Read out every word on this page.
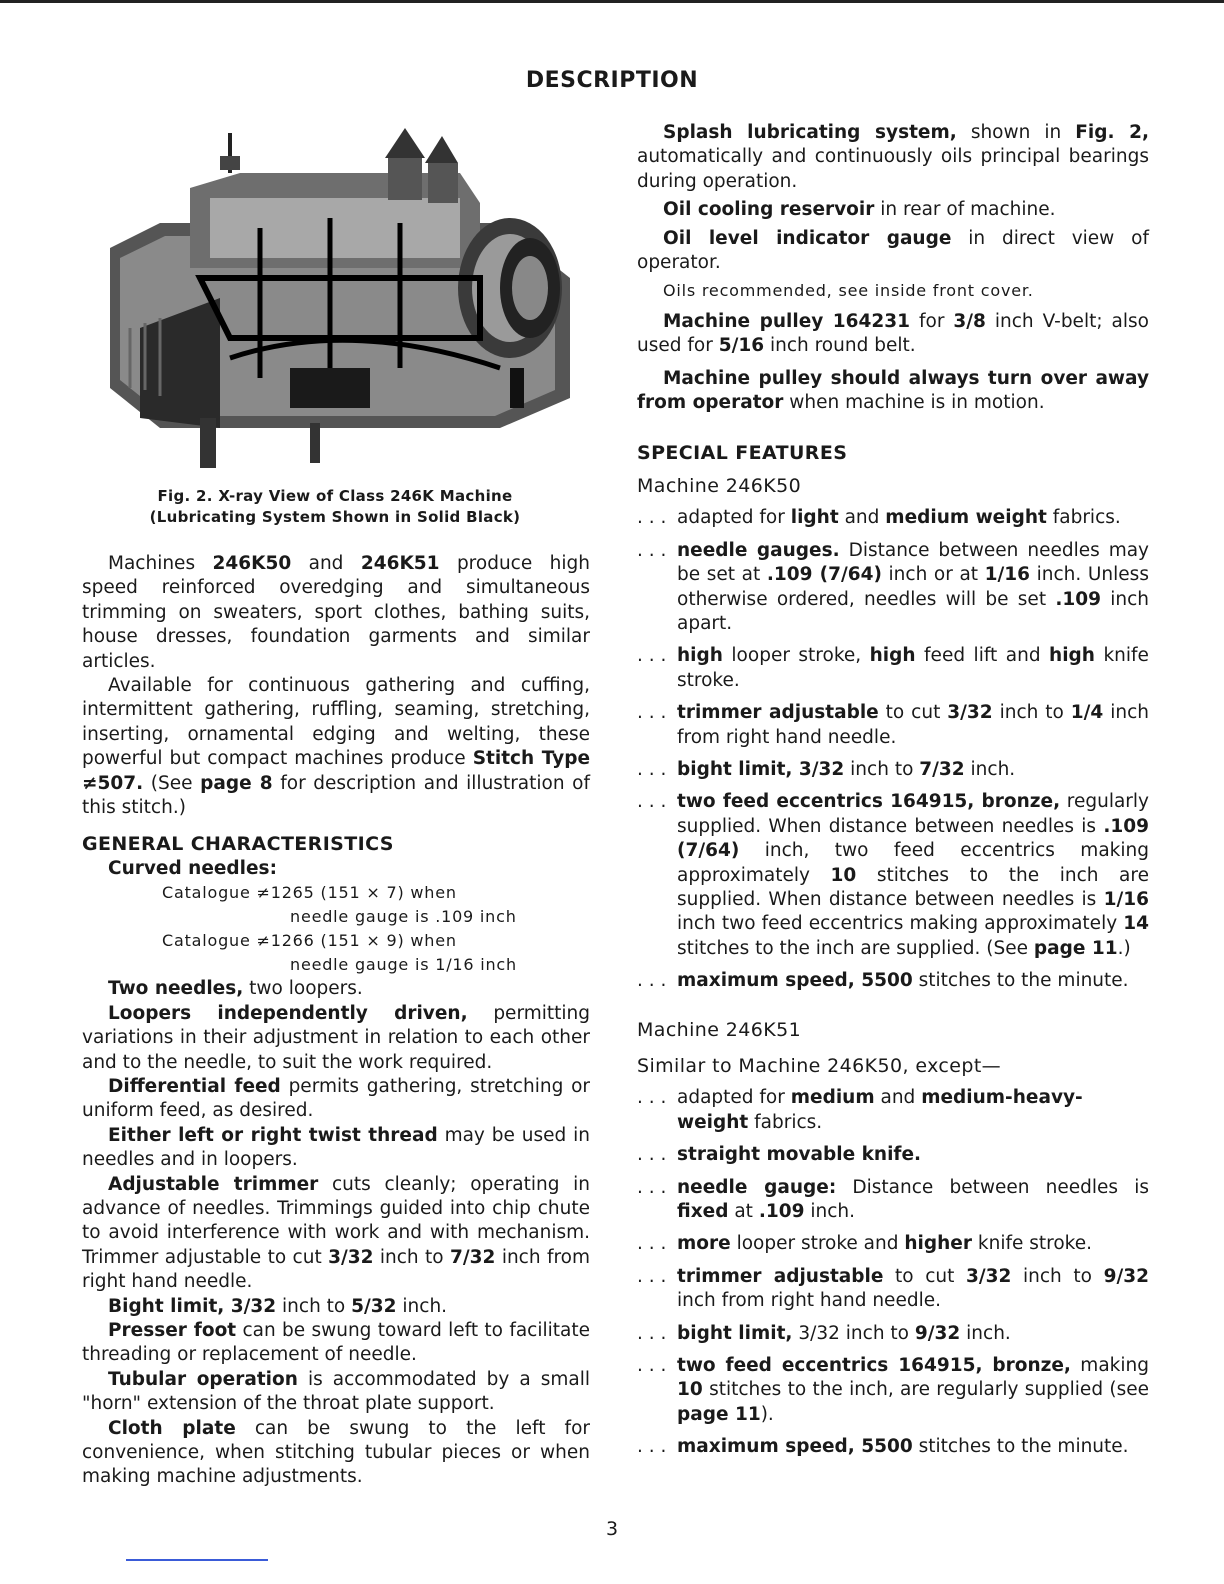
DESCRIPTION
Fig. 2. X-ray View of Class 246K Machine
(Lubricating System Shown in Solid Black)

Machines 246K50 and 246K51 produce high speed reinforced overedging and simultaneous trimming on sweaters, sport clothes, bathing suits, house dresses, foundation garments and similar articles.

Available for continuous gathering and cuffing, intermittent gathering, ruffling, seaming, stretching, inserting, ornamental edging and welting, these powerful but compact machines produce Stitch Type ≠507. (See page 8 for description and illustration of this stitch.)

GENERAL CHARACTERISTICS
Curved needles:
Catalogue ≠1265 (151 × 7) when
needle gauge is .109 inch
Catalogue ≠1266 (151 × 9) when
needle gauge is 1/16 inch

Two needles, two loopers.

Loopers independently driven, permitting variations in their adjustment in relation to each other and to the needle, to suit the work required.

Differential feed permits gathering, stretching or uniform feed, as desired.

Either left or right twist thread may be used in needles and in loopers.

Adjustable trimmer cuts cleanly; operating in advance of needles. Trimmings guided into chip chute to avoid interference with work and with mechanism. Trimmer adjustable to cut 3/32 inch to 7/32 inch from right hand needle.

Bight limit, 3/32 inch to 5/32 inch.

Presser foot can be swung toward left to facilitate threading or replacement of needle.

Tubular operation is accommodated by a small "horn" extension of the throat plate support.

Cloth plate can be swung to the left for convenience, when stitching tubular pieces or when making machine adjustments.

Splash lubricating system, shown in Fig. 2, automatically and continuously oils principal bearings during operation.

Oil cooling reservoir in rear of machine.

Oil level indicator gauge in direct view of operator.

Oils recommended, see inside front cover.

Machine pulley 164231 for 3/8 inch V-belt; also used for 5/16 inch round belt.

Machine pulley should always turn over away from operator when machine is in motion.

SPECIAL FEATURES
Machine 246K50
. . . adapted for light and medium weight fabrics.
. . . needle gauges. Distance between needles may be set at .109 (7/64) inch or at 1/16 inch. Unless otherwise ordered, needles will be set .109 inch apart.
. . . high looper stroke, high feed lift and high knife stroke.
. . . trimmer adjustable to cut 3/32 inch to 1/4 inch from right hand needle.
. . . bight limit, 3/32 inch to 7/32 inch.
. . . two feed eccentrics 164915, bronze, regularly supplied. When distance between needles is .109 (7/64) inch, two feed eccentrics making approximately 10 stitches to the inch are supplied. When distance between needles is 1/16 inch two feed eccentrics making approximately 14 stitches to the inch are supplied. (See page 11.)
. . . maximum speed, 5500 stitches to the minute.
Machine 246K51
Similar to Machine 246K50, except—
. . . adapted for medium and medium-heavy-weight fabrics.
. . . straight movable knife.
. . . needle gauge: Distance between needles is fixed at .109 inch.
. . . more looper stroke and higher knife stroke.
. . . trimmer adjustable to cut 3/32 inch to 9/32 inch from right hand needle.
. . . bight limit, 3/32 inch to 9/32 inch.
. . . two feed eccentrics 164915, bronze, making 10 stitches to the inch, are regularly supplied (see page 11).
. . . maximum speed, 5500 stitches to the minute.
3
